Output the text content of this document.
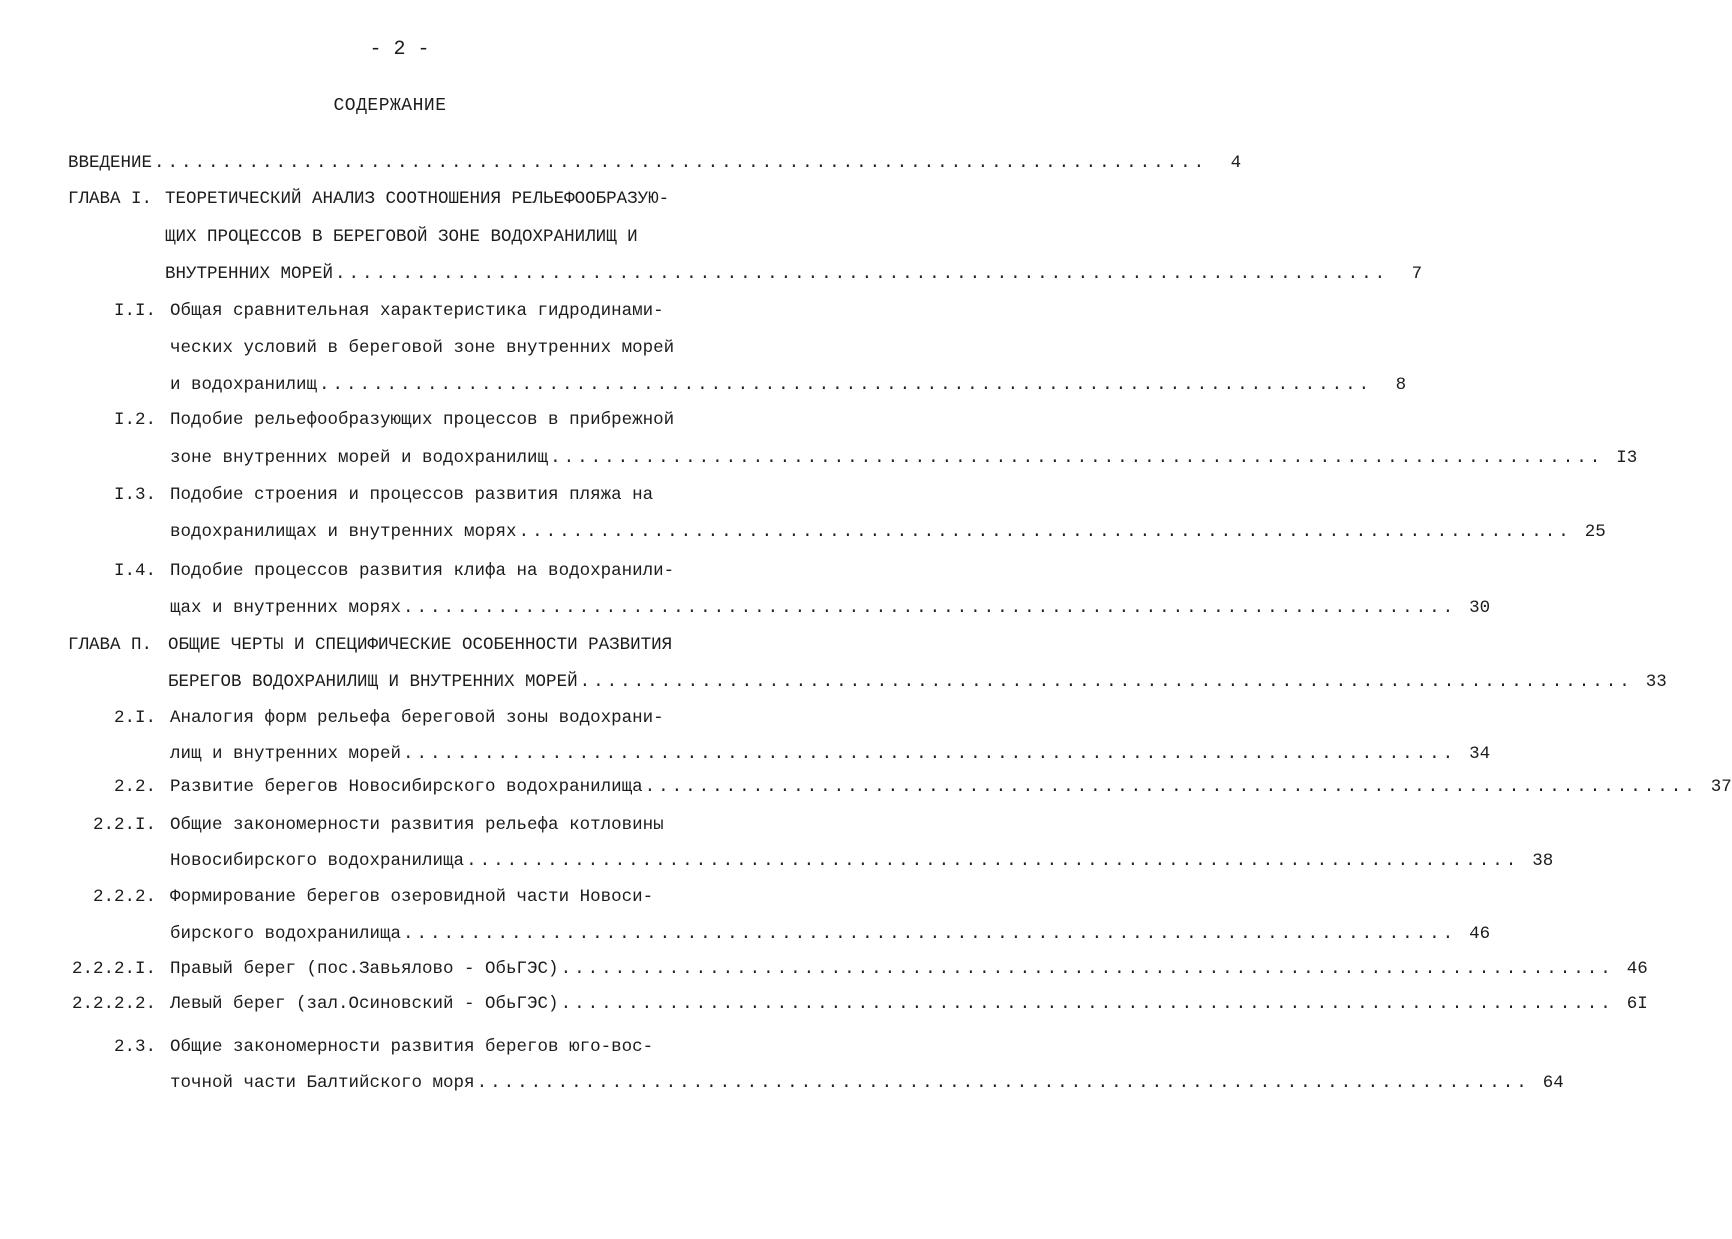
- 2 -
СОДЕРЖАНИЕ
ВВЕДЕНИЕ ..............................................................................	4
ГЛАВА I. ТЕОРЕТИЧЕСКИЙ АНАЛИЗ СООТНОШЕНИЯ РЕЛЬЕФООБРАЗУЮ-
ЩИХ ПРОЦЕССОВ В БЕРЕГОВОЙ ЗОНЕ ВОДОХРАНИЛИЩ И
ВНУТРЕННИХ МОРЕЙ ..............................................................................	7
I.I. Общая сравнительная характеристика гидродинами-
ческих условий в береговой зоне внутренних морей
и водохранилищ ..............................................................................	8
I.2. Подобие рельефообразующих процессов в прибрежной
зоне внутренних морей и водохранилищ .............................................................................. I3
I.3. Подобие строения и процессов развития пляжа на
водохранилищах и внутренних морях .............................................................................. 25
I.4. Подобие процессов развития клифа на водохранили-
щах и внутренних морях .............................................................................. 30
ГЛАВА П. ОБЩИЕ ЧЕРТЫ И СПЕЦИФИЧЕСКИЕ ОСОБЕННОСТИ РАЗВИТИЯ
БЕРЕГОВ ВОДОХРАНИЛИЩ И ВНУТРЕННИХ МОРЕЙ .............................................................................. 33
2.I. Аналогия форм рельефа береговой зоны водохрани-
лищ и внутренних морей .............................................................................. 34
2.2. Развитие берегов Новосибирского водохранилища .............................................................................. 37
2.2.I. Общие закономерности развития рельефа котловины
Новосибирского водохранилища .............................................................................. 38
2.2.2. Формирование берегов озеровидной части Новоси-
бирского водохранилища .............................................................................. 46
2.2.2.I. Правый берег (пос.Завьялово - ОбьГЭС) .............................................................................. 46
2.2.2.2. Левый берег (зал.Осиновский - ОбьГЭС) .............................................................................. 6I
2.3. Общие закономерности развития берегов юго-вос-
точной части Балтийского моря .............................................................................. 64
